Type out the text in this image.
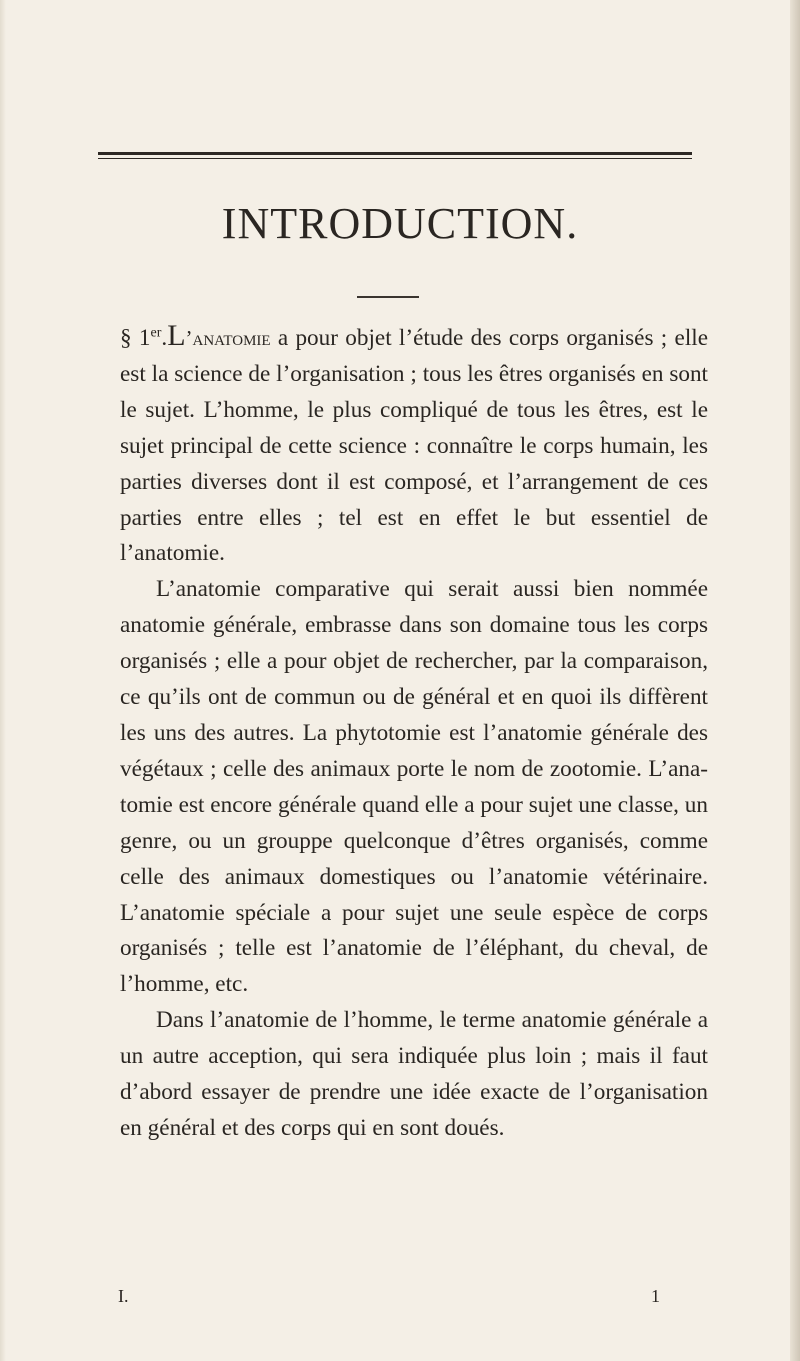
INTRODUCTION.

§ 1er.L’anatomie a pour objet l’étude des corps organisés ; elle est la science de l’organisation ; tous les êtres organisés en sont le sujet. L’homme, le plus compliqué de tous les êtres, est le sujet principal de cette science : connaître le corps humain, les parties diverses dont il est composé, et l’arrangement de ces parties entre elles ; tel est en effet le but essentiel de l’anatomie.

L’anatomie comparative qui serait aussi bien nommée anatomie générale, embrasse dans son domaine tous les corps organisés ; elle a pour objet de rechercher, par la comparaison, ce qu’ils ont de commun ou de général et en quoi ils diffèrent les uns des autres. La phytotomie est l’anatomie générale des végétaux ; celle des animaux porte le nom de zootomie. L’anatomie est encore générale quand elle a pour sujet une classe, un genre, ou un grouppe quelconque d’êtres organisés, comme celle des animaux domestiques ou l’anatomie vétérinaire. L’anatomie spéciale a pour sujet une seule espèce de corps organisés ; telle est l’anatomie de l’éléphant, du cheval, de l’homme, etc.

Dans l’anatomie de l’homme, le terme anatomie générale a un autre acception, qui sera indiquée plus loin ; mais il faut d’abord essayer de prendre une idée exacte de l’organisation en général et des corps qui en sont doués.

I.	1
